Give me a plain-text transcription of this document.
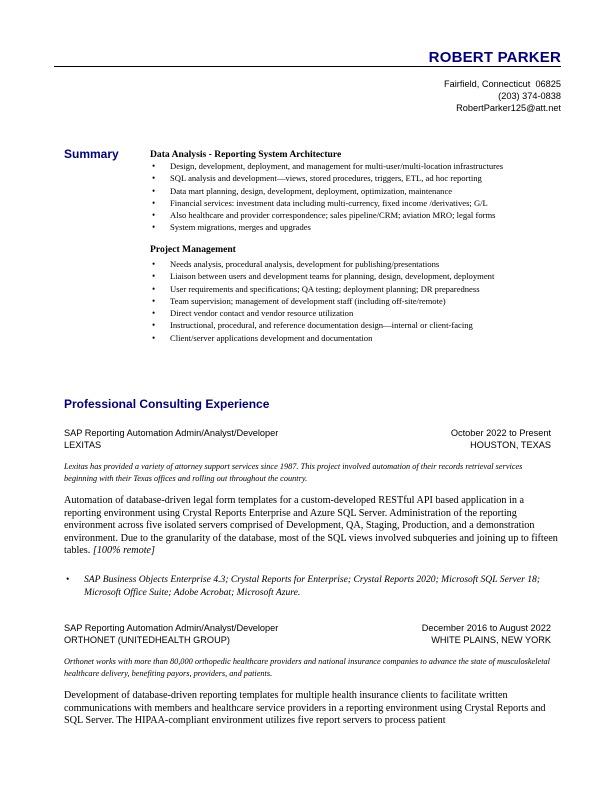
ROBERT PARKER
Fairfield, Connecticut  06825
(203) 374-0838
RobertParker125@att.net
Summary	Data Analysis - Reporting System Architecture
• Design, development, deployment, and management for multi-user/multi-location infrastructures
• SQL analysis and development—views, stored procedures, triggers, ETL, ad hoc reporting
• Data mart planning, design, development, deployment, optimization, maintenance
• Financial services: investment data including multi-currency, fixed income /derivatives; G/L
• Also healthcare and provider correspondence; sales pipeline/CRM; aviation MRO; legal forms
• System migrations, merges and upgrades
Project Management
• Needs analysis, procedural analysis, development for publishing/presentations
• Liaison between users and development teams for planning, design, development, deployment
• User requirements and specifications; QA testing; deployment planning; DR preparedness
• Team supervision; management of development staff (including off-site/remote)
• Direct vendor contact and vendor resource utilization
• Instructional, procedural, and reference documentation design—internal or client-facing
• Client/server applications development and documentation
Professional Consulting Experience
SAP Reporting Automation Admin/Analyst/Developer
LEXITAS
October 2022 to Present
HOUSTON, TEXAS
Lexitas has provided a variety of attorney support services since 1987. This project involved automation of their records retrieval services beginning with their Texas offices and rolling out throughout the country.
Automation of database-driven legal form templates for a custom-developed RESTful API based application in a reporting environment using Crystal Reports Enterprise and Azure SQL Server. Administration of the reporting environment across five isolated servers comprised of Development, QA, Staging, Production, and a demonstration environment. Due to the granularity of the database, most of the SQL views involved subqueries and joining up to fifteen tables. [100% remote]
• SAP Business Objects Enterprise 4.3; Crystal Reports for Enterprise; Crystal Reports 2020; Microsoft SQL Server 18; Microsoft Office Suite; Adobe Acrobat; Microsoft Azure.
SAP Reporting Automation Admin/Analyst/Developer
ORTHONET (UNITEDHEALTH GROUP)
December 2016 to August 2022
WHITE PLAINS, NEW YORK
Orthonet works with more than 80,000 orthopedic healthcare providers and national insurance companies to advance the state of musculoskeletal healthcare delivery, benefiting payors, providers, and patients.
Development of database-driven reporting templates for multiple health insurance clients to facilitate written communications with members and healthcare service providers in a reporting environment using Crystal Reports and SQL Server. The HIPAA-compliant environment utilizes five report servers to process patient
